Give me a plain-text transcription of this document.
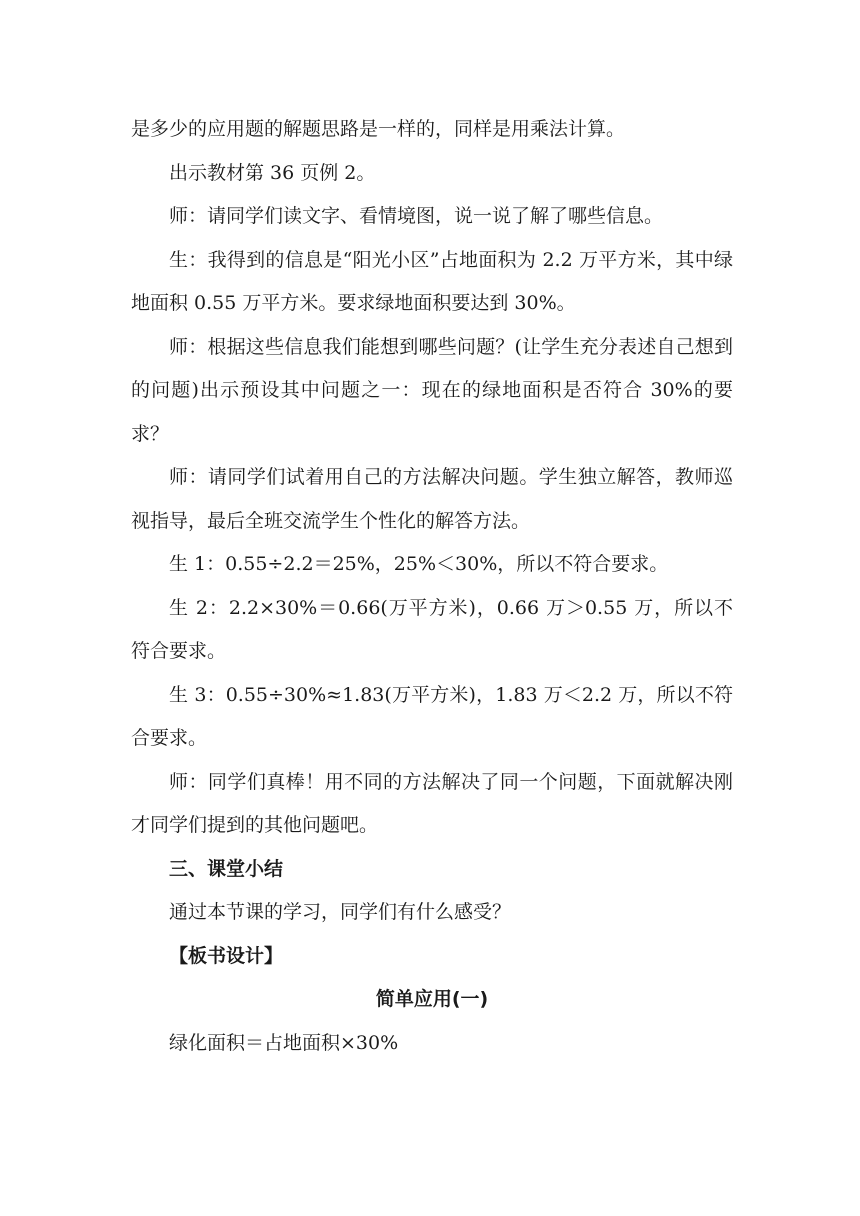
是多少的应用题的解题思路是一样的，同样是用乘法计算。

出示教材第 36 页例 2。

师：请同学们读文字、看情境图，说一说了解了哪些信息。

生：我得到的信息是“阳光小区”占地面积为 2.2 万平方米，其中绿地面积 0.55 万平方米。要求绿地面积要达到 30%。

师：根据这些信息我们能想到哪些问题？(让学生充分表述自己想到的问题)出示预设其中问题之一：现在的绿地面积是否符合 30%的要求？

师：请同学们试着用自己的方法解决问题。学生独立解答，教师巡视指导，最后全班交流学生个性化的解答方法。

生 1：0.55÷2.2＝25%，25%＜30%，所以不符合要求。

生 2：2.2×30%＝0.66(万平方米)，0.66 万＞0.55 万，所以不符合要求。

生 3：0.55÷30%≈1.83(万平方米)，1.83 万＜2.2 万，所以不符合要求。

师：同学们真棒！用不同的方法解决了同一个问题，下面就解决刚才同学们提到的其他问题吧。

三、课堂小结

通过本节课的学习，同学们有什么感受？

【板书设计】

简单应用(一)

绿化面积＝占地面积×30%
